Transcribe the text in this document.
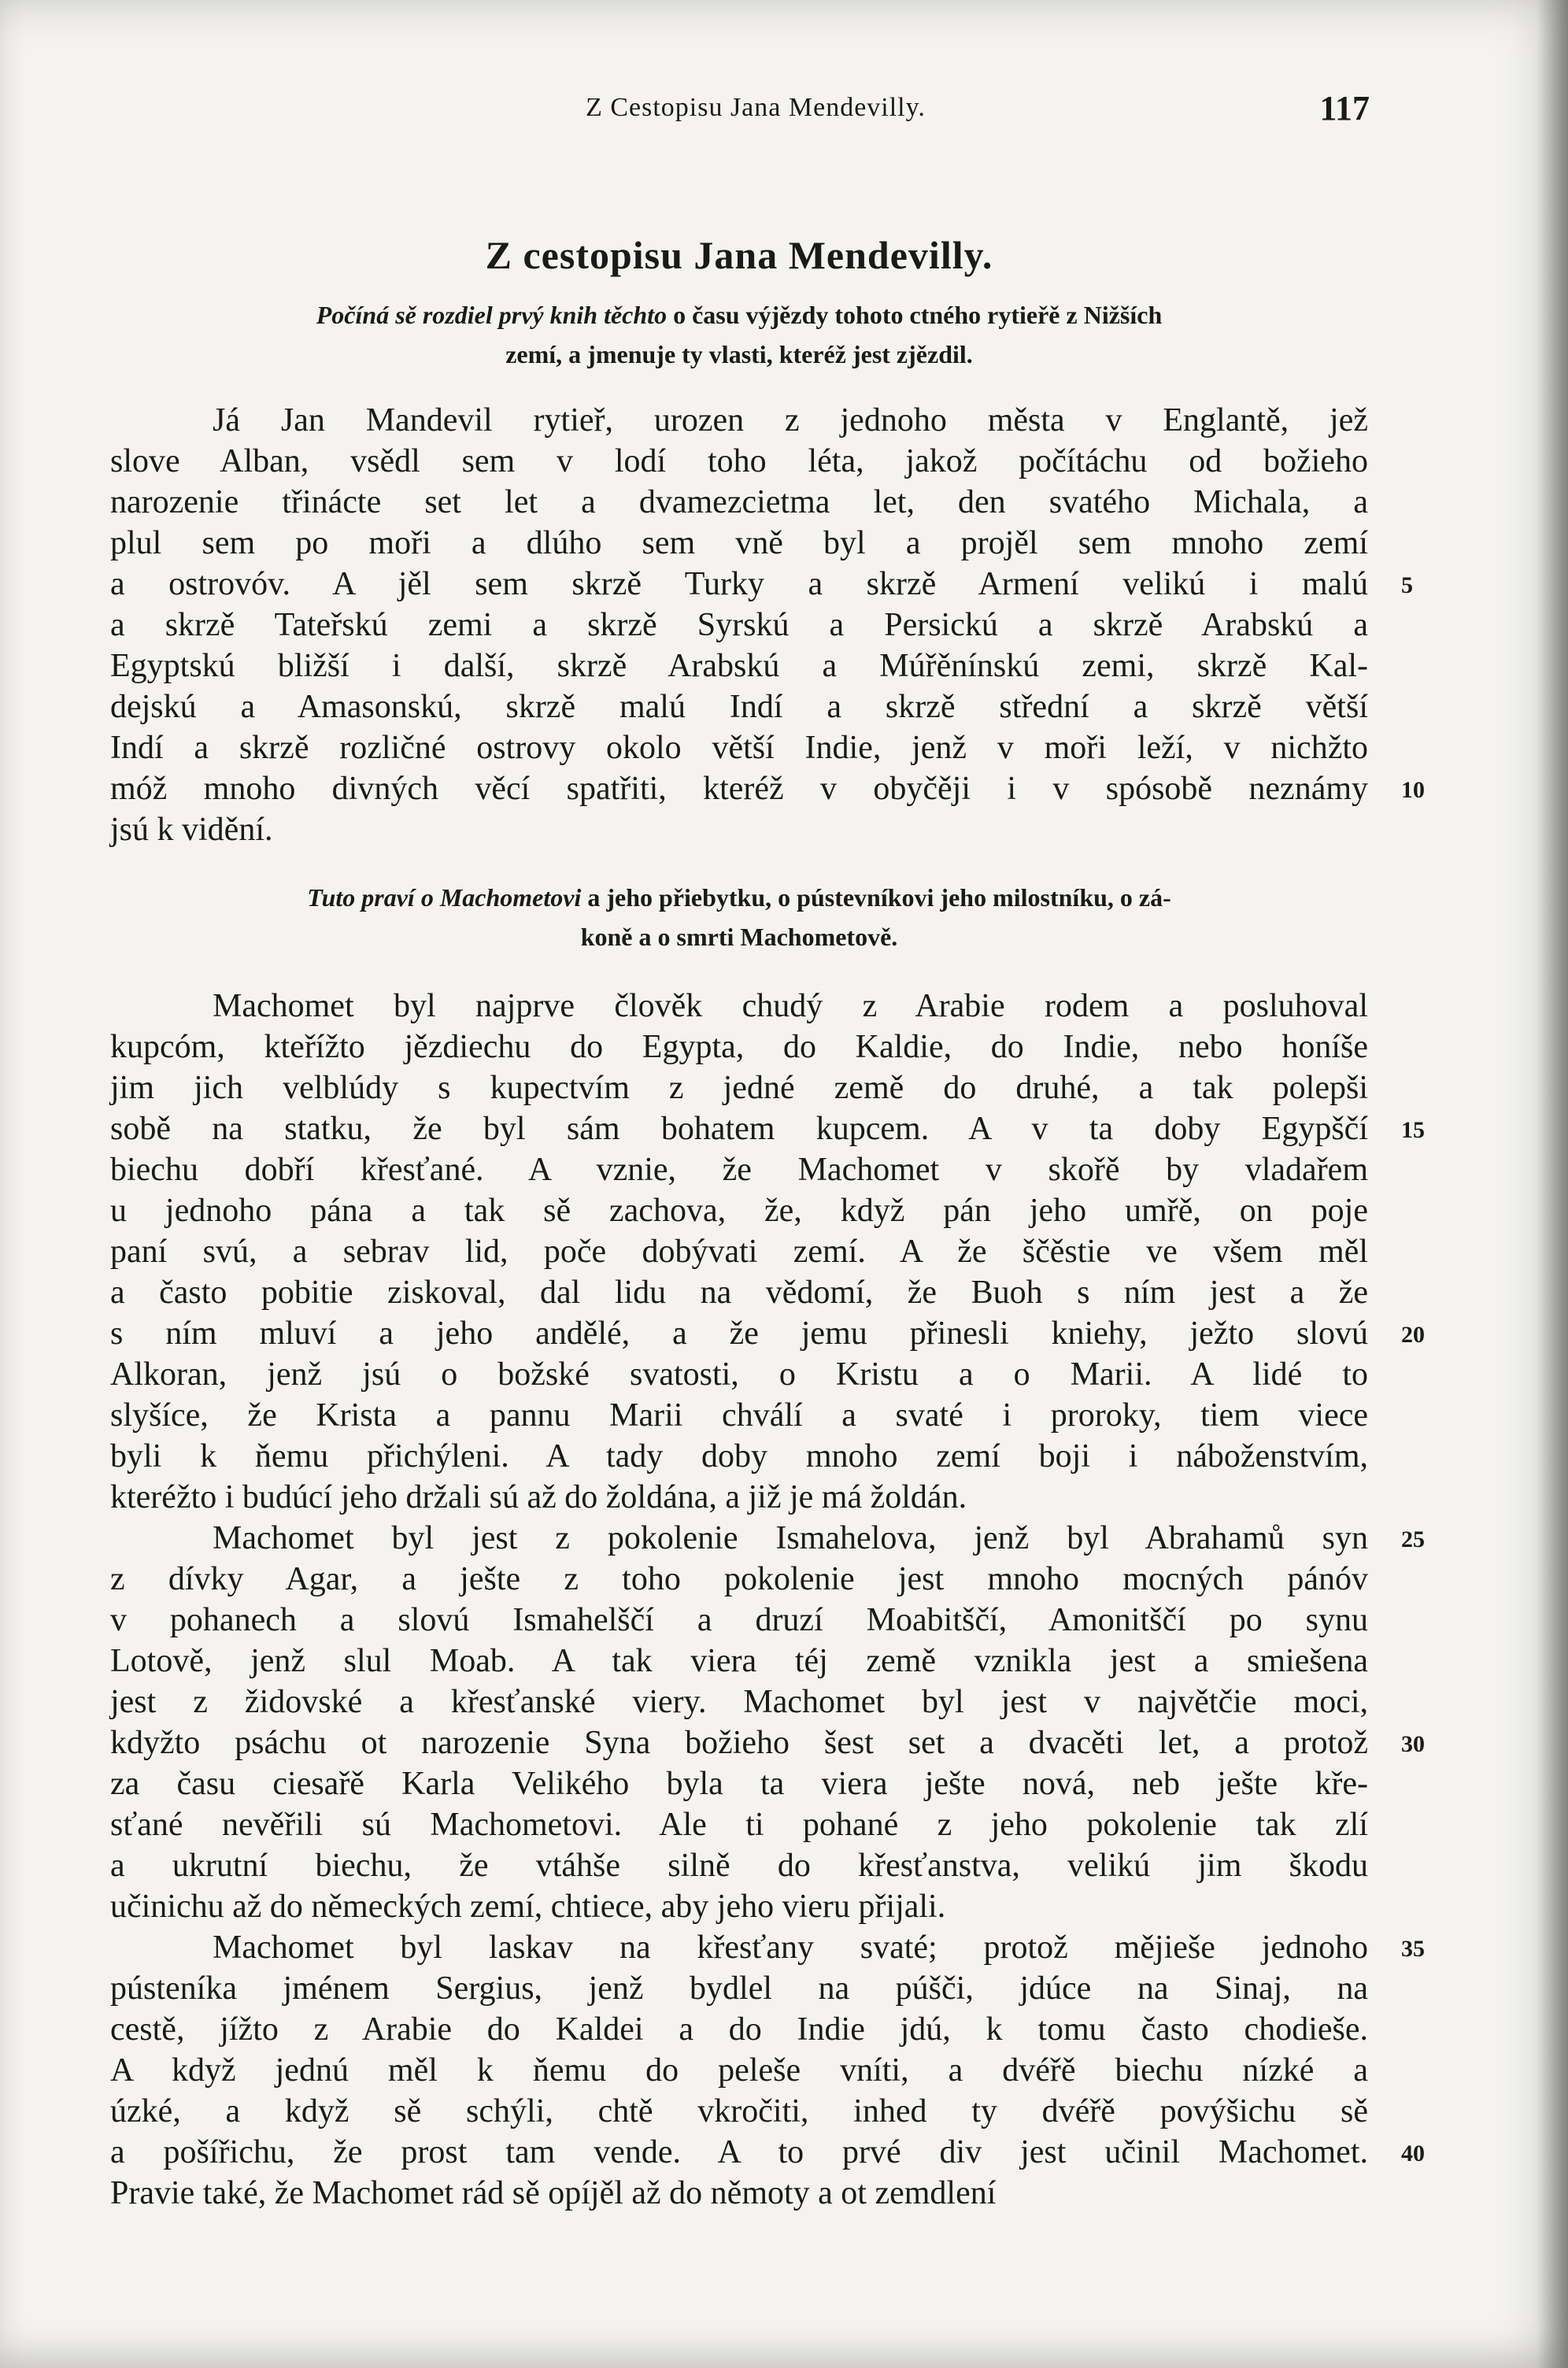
Z Cestopisu Jana Mendevilly.	117
Z cestopisu Jana Mendevilly.

Počíná sě rozdiel prvý knih těchto o času výjězdy tohoto ctného rytieřě z Nižších
zemí, a jmenuje ty vlasti, kteréž jest zjězdil.

Já Jan Mandevil rytieř, urozen z jednoho města v Englantě, jež
slove Alban, vsědl sem v lodí toho léta, jakož počítáchu od božieho
narozenie třinácte set let a dvamezcietma let, den svatého Michala, a
plul sem po moři a dlúho sem vně byl a projěl sem mnoho zemí
a ostrovóv. A jěl sem skrzě Turky a skrzě Armení velikú i malú 5
a skrzě Tateřskú zemi a skrzě Syrskú a Persickú a skrzě Arabskú a
Egyptskú bližší i další, skrzě Arabskú a Múřěnínskú zemi, skrzě Kal-
dejskú a Amasonskú, skrzě malú Indí a skrzě střední a skrzě větší
Indí a skrzě rozličné ostrovy okolo větší Indie, jenž v moři leží, v nichžto
móž mnoho divných věcí spatřiti, kteréž v obyčěji i v spósobě neznámy 10
jsú k vidění.

Tuto praví o Machometovi a jeho přiebytku, o pústevníkovi jeho milostníku, o zá-
koně a o smrti Machometově.

Machomet byl najprve člověk chudý z Arabie rodem a posluhoval
kupcóm, kteřížto jězdiechu do Egypta, do Kaldie, do Indie, nebo honíše
jim jich velblúdy s kupectvím z jedné země do druhé, a tak polepši
sobě na statku, že byl sám bohatem kupcem. A v ta doby Egypščí 15
biechu dobří křesťané. A vznie, že Machomet v skořě by vladařem
u jednoho pána a tak sě zachova, že, když pán jeho umřě, on poje
paní svú, a sebrav lid, poče dobývati zemí. A že ščěstie ve všem měl
a často pobitie ziskoval, dal lidu na vědomí, že Buoh s ním jest a že
s ním mluví a jeho andělé, a že jemu přinesli kniehy, ježto slovú 20
Alkoran, jenž jsú o božské svatosti, o Kristu a o Marii. A lidé to
slyšíce, že Krista a pannu Marii chválí a svaté i proroky, tiem viece
byli k ňemu přichýleni. A tady doby mnoho zemí boji i náboženstvím,
kteréžto i budúcí jeho držali sú až do žoldána, a již je má žoldán.
Machomet byl jest z pokolenie Ismahelova, jenž byl Abrahamů syn 25
z dívky Agar, a ješte z toho pokolenie jest mnoho mocných pánóv
v pohanech a slovú Ismahelščí a druzí Moabitščí, Amonitščí po synu
Lotově, jenž slul Moab. A tak viera téj země vznikla jest a smiešena
jest z židovské a křesťanské viery. Machomet byl jest v najvětčie moci,
kdyžto psáchu ot narozenie Syna božieho šest set a dvacěti let, a protož 30
za času ciesařě Karla Velikého byla ta viera ješte nová, neb ješte kře-
sťané nevěřili sú Machometovi. Ale ti pohané z jeho pokolenie tak zlí
a ukrutní biechu, že vtáhše silně do křesťanstva, velikú jim škodu
učinichu až do německých zemí, chtiece, aby jeho vieru přijali.
Machomet byl laskav na křesťany svaté; protož mějieše jednoho 35
pústeníka jménem Sergius, jenž bydlel na púšči, jdúce na Sinaj, na
cestě, jížto z Arabie do Kaldei a do Indie jdú, k tomu často chodieše.
A když jednú měl k ňemu do peleše vníti, a dvéřě biechu nízké a
úzké, a když sě schýli, chtě vkročiti, inhed ty dvéřě povýšichu sě
a pošířichu, že prost tam vende. A to prvé div jest učinil Machomet. 40
Pravie také, že Machomet rád sě opíjěl až do němoty a ot zemdlení
